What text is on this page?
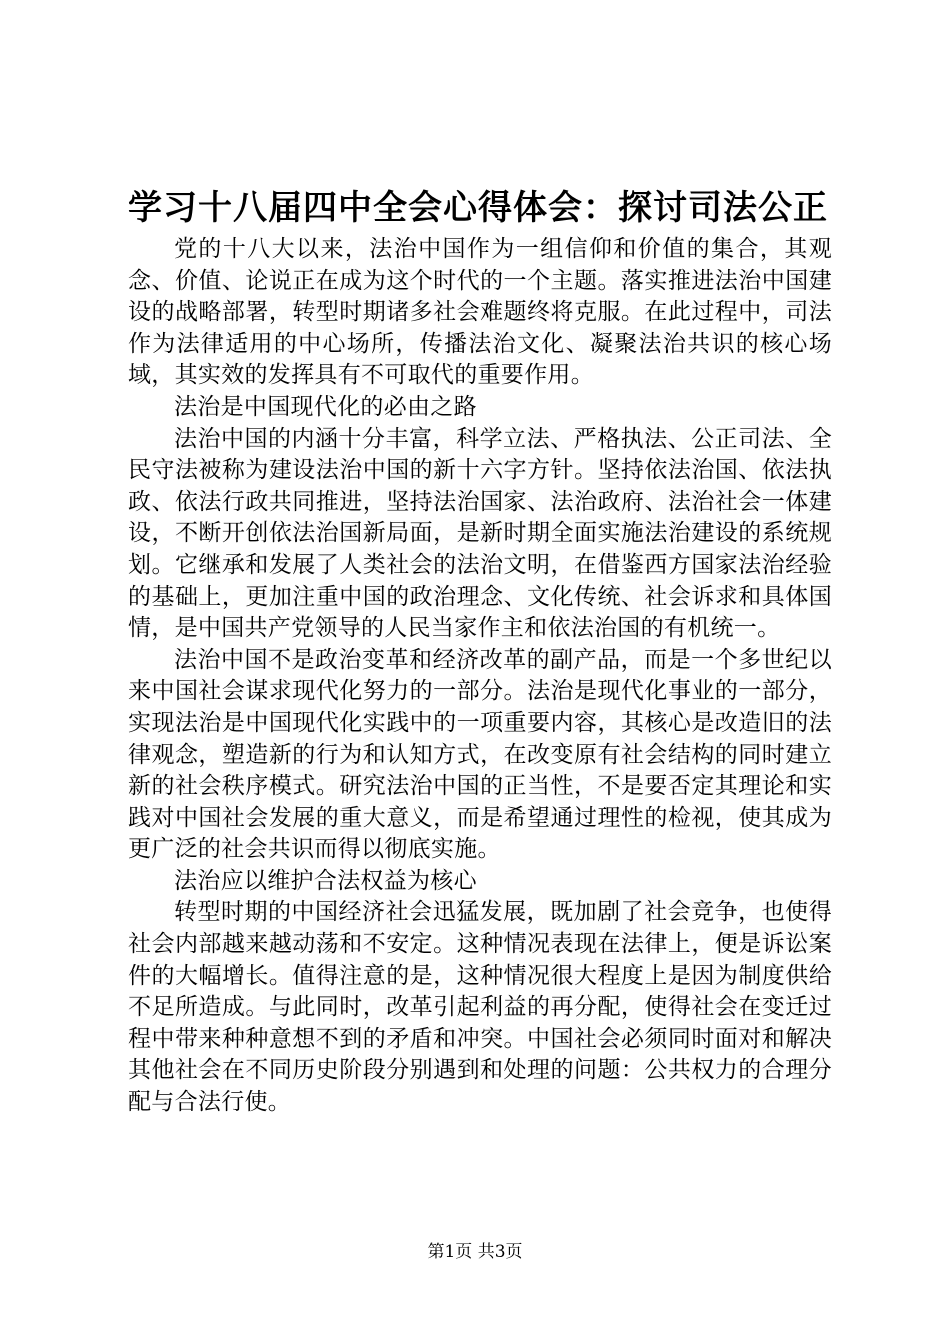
学习十八届四中全会心得体会：探讨司法公正

党的十八大以来，法治中国作为一组信仰和价值的集合，其观念、价值、论说正在成为这个时代的一个主题。落实推进法治中国建设的战略部署，转型时期诸多社会难题终将克服。在此过程中，司法作为法律适用的中心场所，传播法治文化、凝聚法治共识的核心场域，其实效的发挥具有不可取代的重要作用。

法治是中国现代化的必由之路

法治中国的内涵十分丰富，科学立法、严格执法、公正司法、全民守法被称为建设法治中国的新十六字方针。坚持依法治国、依法执政、依法行政共同推进，坚持法治国家、法治政府、法治社会一体建设，不断开创依法治国新局面，是新时期全面实施法治建设的系统规划。它继承和发展了人类社会的法治文明，在借鉴西方国家法治经验的基础上，更加注重中国的政治理念、文化传统、社会诉求和具体国情，是中国共产党领导的人民当家作主和依法治国的有机统一。

法治中国不是政治变革和经济改革的副产品，而是一个多世纪以来中国社会谋求现代化努力的一部分。法治是现代化事业的一部分，实现法治是中国现代化实践中的一项重要内容，其核心是改造旧的法律观念，塑造新的行为和认知方式，在改变原有社会结构的同时建立新的社会秩序模式。研究法治中国的正当性，不是要否定其理论和实践对中国社会发展的重大意义，而是希望通过理性的检视，使其成为更广泛的社会共识而得以彻底实施。

法治应以维护合法权益为核心

转型时期的中国经济社会迅猛发展，既加剧了社会竞争，也使得社会内部越来越动荡和不安定。这种情况表现在法律上，便是诉讼案件的大幅增长。值得注意的是，这种情况很大程度上是因为制度供给不足所造成。与此同时，改革引起利益的再分配，使得社会在变迁过程中带来种种意想不到的矛盾和冲突。中国社会必须同时面对和解决其他社会在不同历史阶段分别遇到和处理的问题：公共权力的合理分配与合法行使。

第1页 共3页
